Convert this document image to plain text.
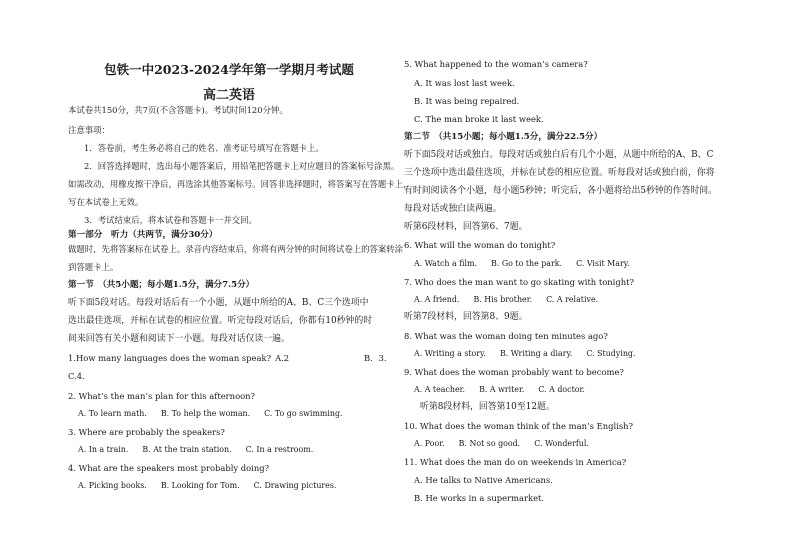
包铁一中2023-2024学年第一学期月考试题
高二英语
本试卷共150分，共7页(不含答题卡)。考试时间120分钟。
注意事项：
1．答卷前，考生务必将自己的姓名、准考证号填写在答题卡上。
2．回答选择题时，选出每小题答案后，用铅笔把答题卡上对应题目的答案标号涂黑。
如需改动，用橡皮擦干净后，再选涂其他答案标号。回答非选择题时，将答案写在答题卡上，
写在本试卷上无效。
3．考试结束后，将本试卷和答题卡一并交回。
第一部分　听力（共两节，满分30分）
做题时，先将答案标在试卷上。录音内容结束后，你将有两分钟的时间将试卷上的答案转涂
到答题卡上。
第一节　（共5小题；每小题1.5分，满分7.5分）
听下面5段对话。每段对话后有一个小题，从题中所给的A、B、C三个选项中
选出最佳选项，并标在试卷的相应位置。听完每段对话后，你都有10秒钟的时
间来回答有关小题和阅读下一小题。每段对话仅读一遍。
1.How many languages does the woman speak? A.2	B．3．
C.4．
2. What’s the man’s plan for this afternoon?
A. To learn math. B. To help the woman. C. To go swimming.
3. Where are probably the speakers?
A. In a train. B. At the train station. C. In a restroom.
4. What are the speakers most probably doing?
A. Picking books. B. Looking for Tom. C. Drawing pictures.
5. What happened to the woman’s camera?
A. It was lost last week.
B. It was being repaired.
C. The man broke it last week.
第二节　（共15小题；每小题1.5分，满分22.5分）
听下面5段对话或独白。每段对话或独白后有几个小题，从题中所给的A、B、C
三个选项中选出最佳选项，并标在试卷的相应位置。听每段对话或独白前，你将
有时间阅读各个小题，每小题5秒钟；听完后，各小题将给出5秒钟的作答时间。
每段对话或独白读两遍。
听第6段材料，回答第6、7题。
6. What will the woman do tonight?
A. Watch a film. B. Go to the park. C. Visit Mary.
7. Who does the man want to go skating with tonight?
A. A friend. B. His brother. C. A relative.
听第7段材料，回答第8、9题。
8. What was the woman doing ten minutes ago?
A. Writing a story. B. Writing a diary. C. Studying.
9. What does the woman probably want to become?
A. A teacher. B. A writer. C. A doctor.
听第8段材料，回答第10至12题。
10. What does the woman think of the man’s English?
A. Poor. B. Not so good. C. Wonderful.
11. What does the man do on weekends in America?
A. He talks to Native Americans.
B. He works in a supermarket.
